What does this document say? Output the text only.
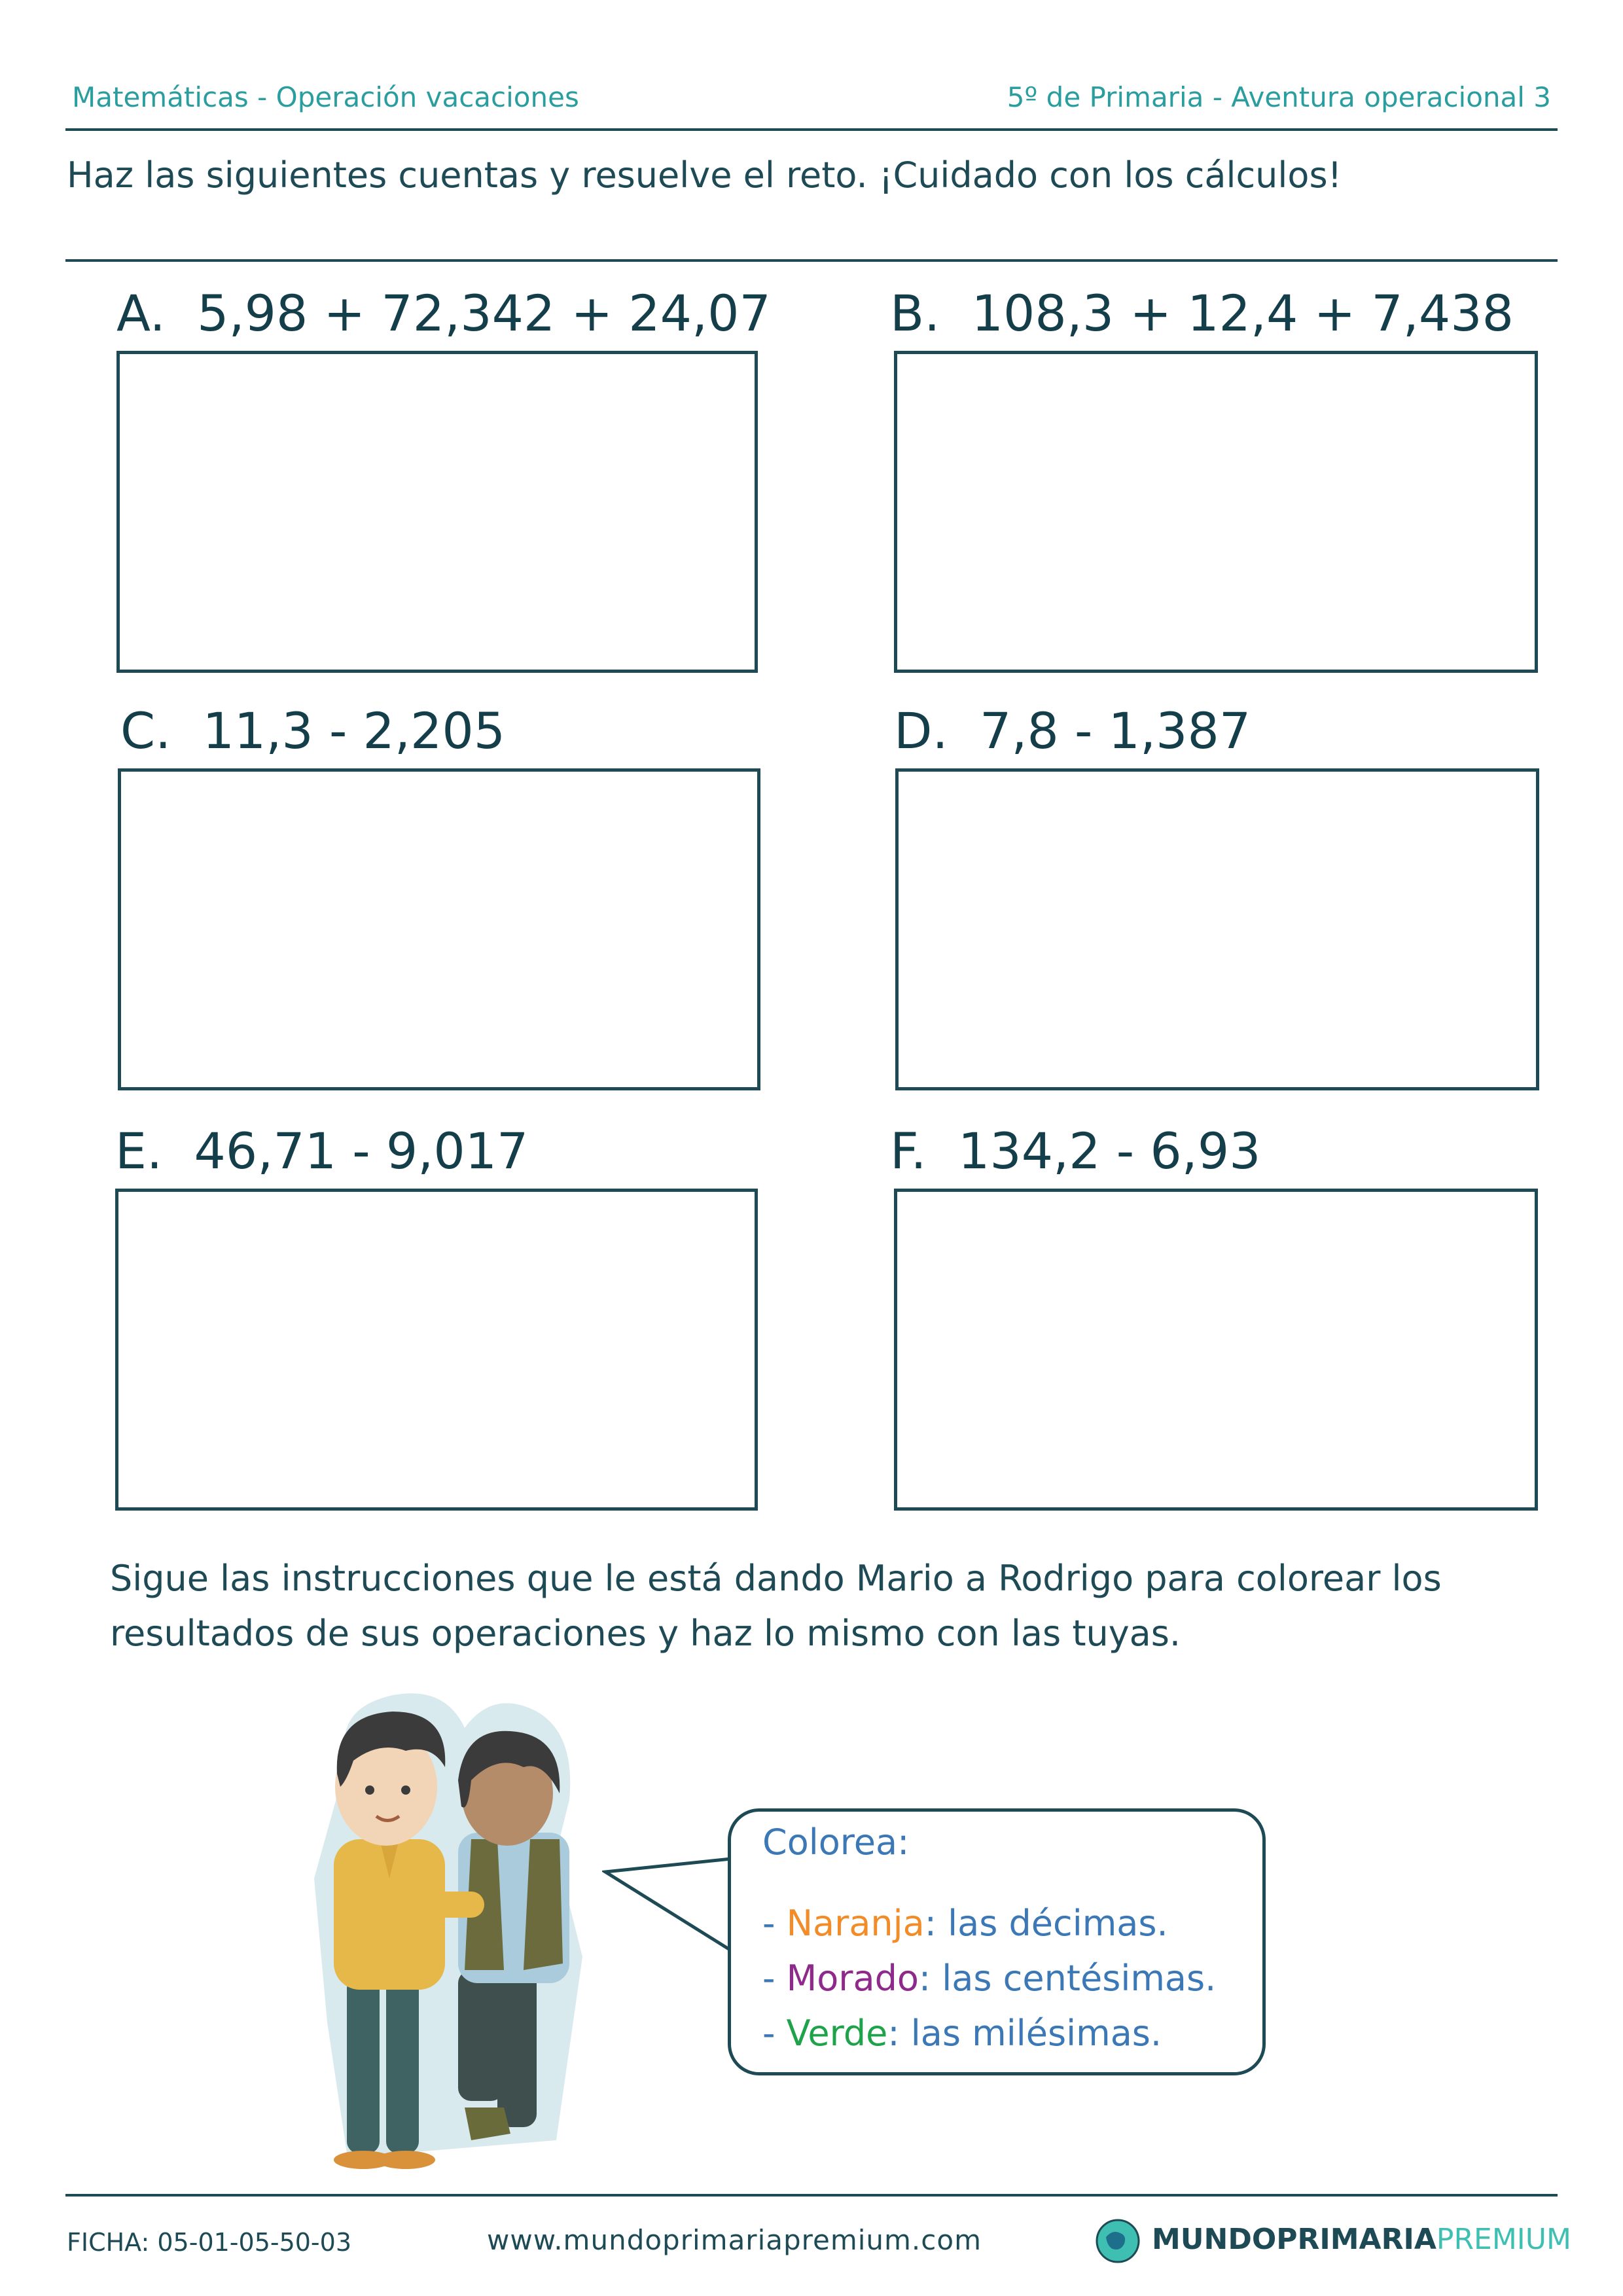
Matemáticas - Operación vacaciones	5º de Primaria - Aventura operacional 3
Haz las siguientes cuentas y resuelve el reto. ¡Cuidado con los cálculos!
A. 5,98 + 72,342 + 24,07 B. 108,3 + 12,4 + 7,438
C. 11,3 - 2,205	D. 7,8 - 1,387
E. 46,71 - 9,017	F. 134,2 - 6,93
Sigue las instrucciones que le está dando Mario a Rodrigo para colorear los resultados de sus operaciones y haz lo mismo con las tuyas.
Colorea:
- Naranja: las décimas.
- Morado: las centésimas.
- Verde: las milésimas.
FICHA: 05-01-05-50-03	www.mundoprimariapremium.com	MUNDOPRIMARIAPREMIUM
